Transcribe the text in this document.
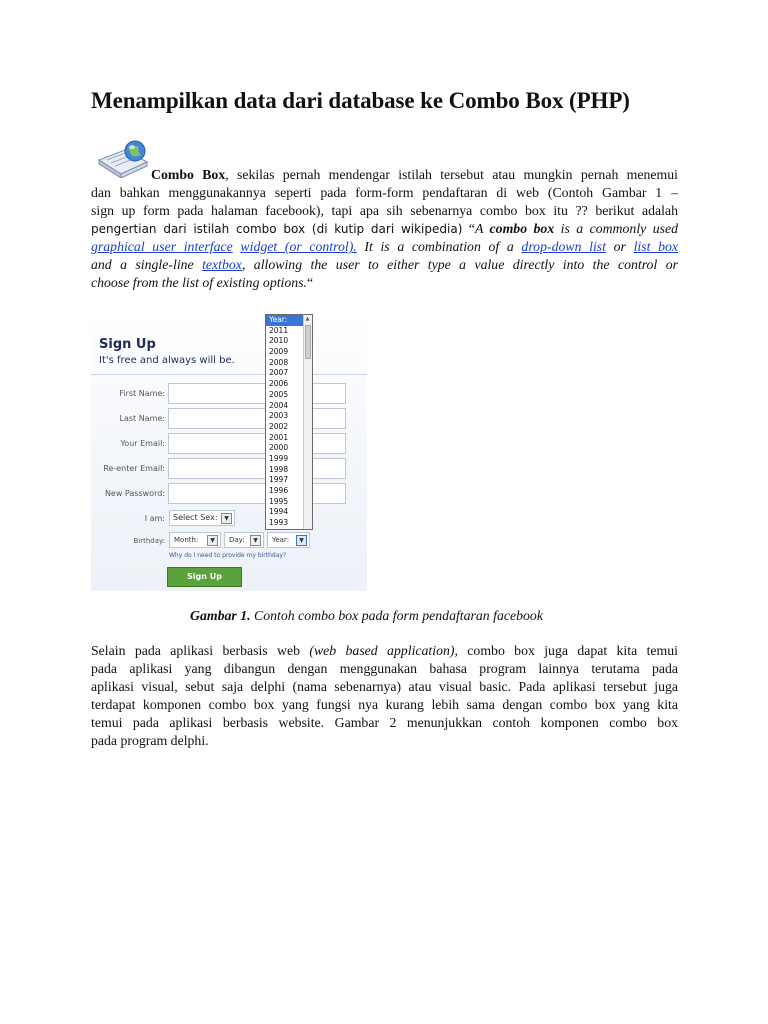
Menampilkan data dari database ke Combo Box (PHP)
Combo Box, sekilas pernah mendengar istilah tersebut atau mungkin pernah menemui
dan bahkan menggunakannya seperti pada form-form pendaftaran di web (Contoh Gambar 1 –
sign up form pada halaman facebook), tapi apa sih sebenarnya combo box itu ?? berikut adalah
pengertian dari istilah combo box (di kutip dari wikipedia) “A combo box is a commonly used
graphical user interface widget (or control). It is a combination of a drop-down list or list box
and a single-line textbox, allowing the user to either type a value directly into the control or
choose from the list of existing options.“
Sign Up
It's free and always will be.
First Name:
Last Name:
Your Email:
Re-enter Email:
New Password:
I am:	Select Sex:	▼
Birthday:	Month:	▼	Day:	▼	Year:	▼
Why do I need to provide my birthday?
Sign Up
Year:
2011
2010
2009
2008
2007
2006
2005
2004
2003
2002
2001
2000
1999
1998
1997
1996
1995
1994
1993
▲
Gambar 1. Contoh combo box pada form pendaftaran facebook
Selain pada aplikasi berbasis web (web based application), combo box juga dapat kita temui
pada aplikasi yang dibangun dengan menggunakan bahasa program lainnya terutama pada
aplikasi visual, sebut saja delphi (nama sebenarnya) atau visual basic. Pada aplikasi tersebut juga
terdapat komponen combo box yang fungsi nya kurang lebih sama dengan combo box yang kita
temui pada aplikasi berbasis website. Gambar 2 menunjukkan contoh komponen combo box
pada program delphi.
